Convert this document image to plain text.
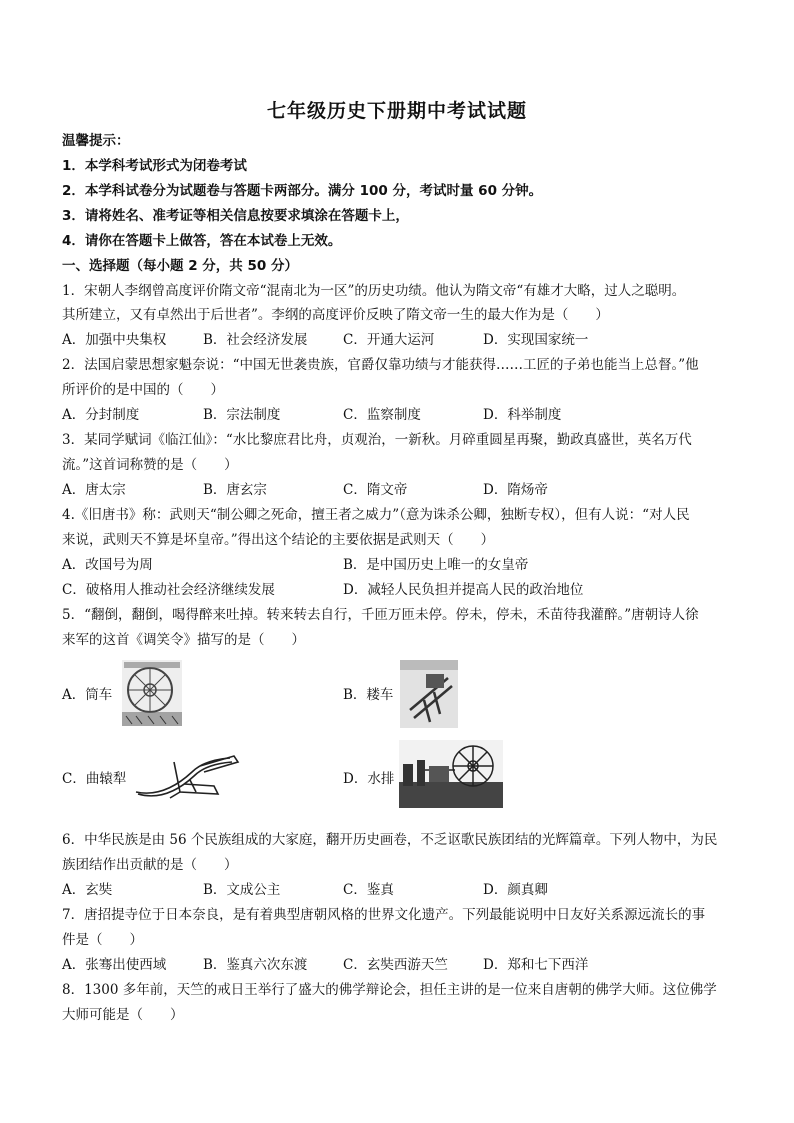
七年级历史下册期中考试试题
温馨提示：
1．本学科考试形式为闭卷考试
2．本学科试卷分为试题卷与答题卡两部分。满分 100 分，考试时量 60 分钟。
3．请将姓名、准考证等相关信息按要求填涂在答题卡上，
4．请你在答题卡上做答，答在本试卷上无效。
一、选择题（每小题 2 分，共 50 分）
1．宋朝人李纲曾高度评价隋文帝“混南北为一区”的历史功绩。他认为隋文帝“有雄才大略，过人之聪明。
其所建立，又有卓然出于后世者”。李纲的高度评价反映了隋文帝一生的最大作为是（　　）
A．加强中央集权	B．社会经济发展	C．开通大运河	D．实现国家统一
2．法国启蒙思想家魁奈说：“中国无世袭贵族，官爵仅靠功绩与才能获得……工匠的子弟也能当上总督。”他
所评价的是中国的（　　）
A．分封制度	B．宗法制度	C．监察制度	D．科举制度
3．某同学赋词《临江仙》：“水比黎庶君比舟，贞观治，一新秋。月碎重圆星再聚，勤政真盛世，英名万代
流。”这首词称赞的是（　　）
A．唐太宗	B．唐玄宗	C．隋文帝	D．隋炀帝
4.《旧唐书》称：武则天“制公卿之死命，擅王者之威力”（意为诛杀公卿，独断专权），但有人说：“对人民
来说，武则天不算是坏皇帝。”得出这个结论的主要依据是武则天（　　）
A．改国号为周	B．是中国历史上唯一的女皇帝
C．破格用人推动社会经济继续发展	D．减轻人民负担并提高人民的政治地位
5．“翻倒，翻倒，喝得醉来吐掉。转来转去自行，千匝万匝未停。停未，停未，禾苗待我灌醉。”唐朝诗人徐
来军的这首《调笑令》描写的是（　　）
A．筒车	B．耧车
C．曲辕犁	D．水排
6．中华民族是由 56 个民族组成的大家庭，翻开历史画卷，不乏讴歌民族团结的光辉篇章。下列人物中，为民
族团结作出贡献的是（　　）
A．玄奘	B．文成公主	C．鉴真	D．颜真卿
7．唐招提寺位于日本奈良，是有着典型唐朝风格的世界文化遗产。下列最能说明中日友好关系源远流长的事
件是（　　）
A．张骞出使西域	B．鉴真六次东渡	C．玄奘西游天竺	D．郑和七下西洋
8．1300 多年前，天竺的戒日王举行了盛大的佛学辩论会，担任主讲的是一位来自唐朝的佛学大师。这位佛学
大师可能是（　　）
